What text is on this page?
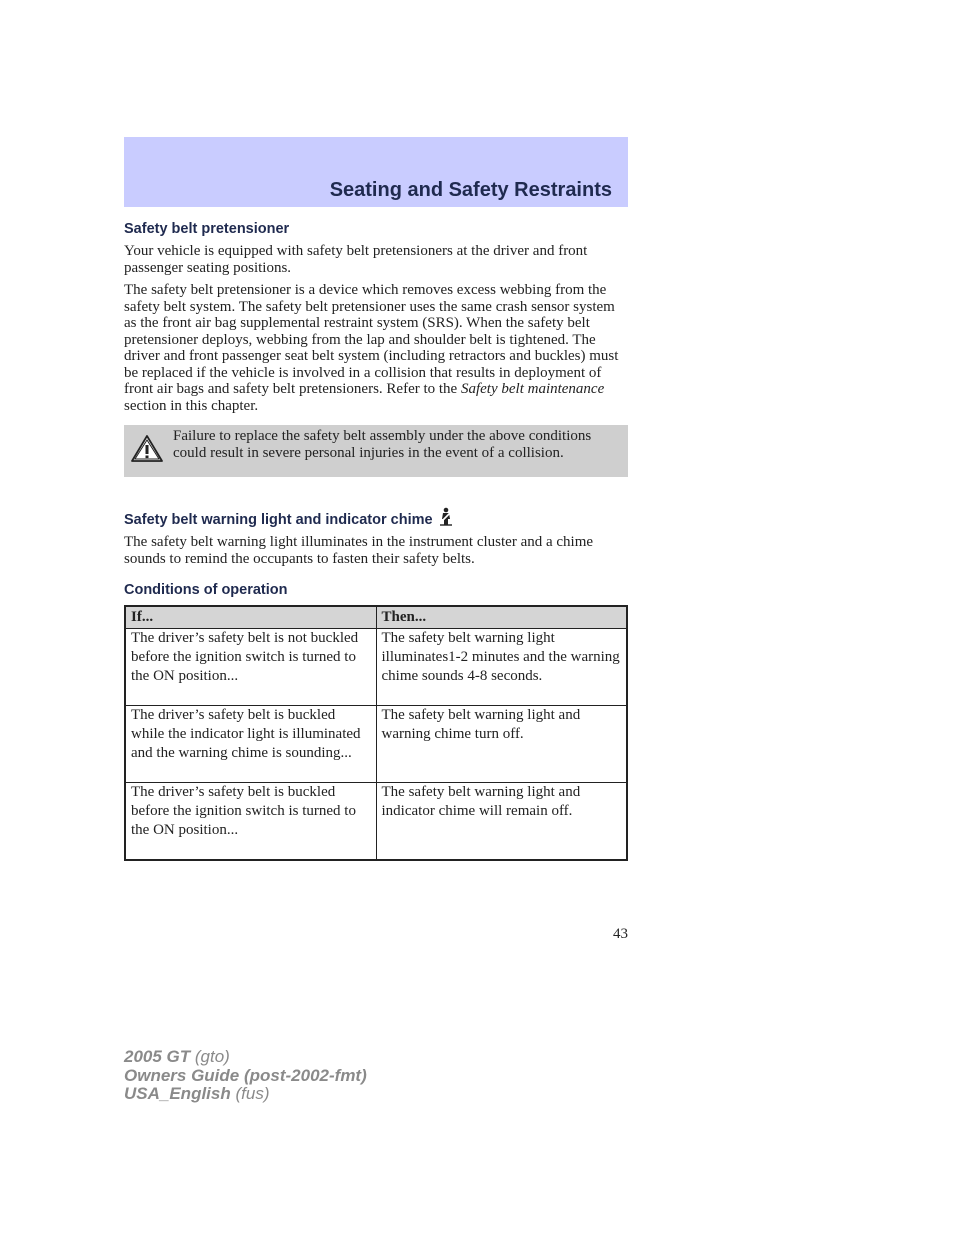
Seating and Safety Restraints
Safety belt pretensioner

Your vehicle is equipped with safety belt pretensioners at the driver and front passenger seating positions.

The safety belt pretensioner is a device which removes excess webbing from the safety belt system. The safety belt pretensioner uses the same crash sensor system as the front air bag supplemental restraint system (SRS). When the safety belt pretensioner deploys, webbing from the lap and shoulder belt is tightened. The driver and front passenger seat belt system (including retractors and buckles) must be replaced if the vehicle is involved in a collision that results in deployment of front air bags and safety belt pretensioners. Refer to the Safety belt maintenance section in this chapter.

Failure to replace the safety belt assembly under the above conditions could result in severe personal injuries in the event of a collision.
Safety belt warning light and indicator chime

The safety belt warning light illuminates in the instrument cluster and a chime sounds to remind the occupants to fasten their safety belts.

Conditions of operation
If...	Then...
The driver’s safety belt is not buckled before the ignition switch is turned to the ON position...	The safety belt warning light illuminates1-2 minutes and the warning chime sounds 4-8 seconds.
The driver’s safety belt is buckled while the indicator light is illuminated and the warning chime is sounding...	The safety belt warning light and warning chime turn off.
The driver’s safety belt is buckled before the ignition switch is turned to the ON position...	The safety belt warning light and indicator chime will remain off.
43
2005 GT (gto)
Owners Guide (post-2002-fmt)
USA_English (fus)
